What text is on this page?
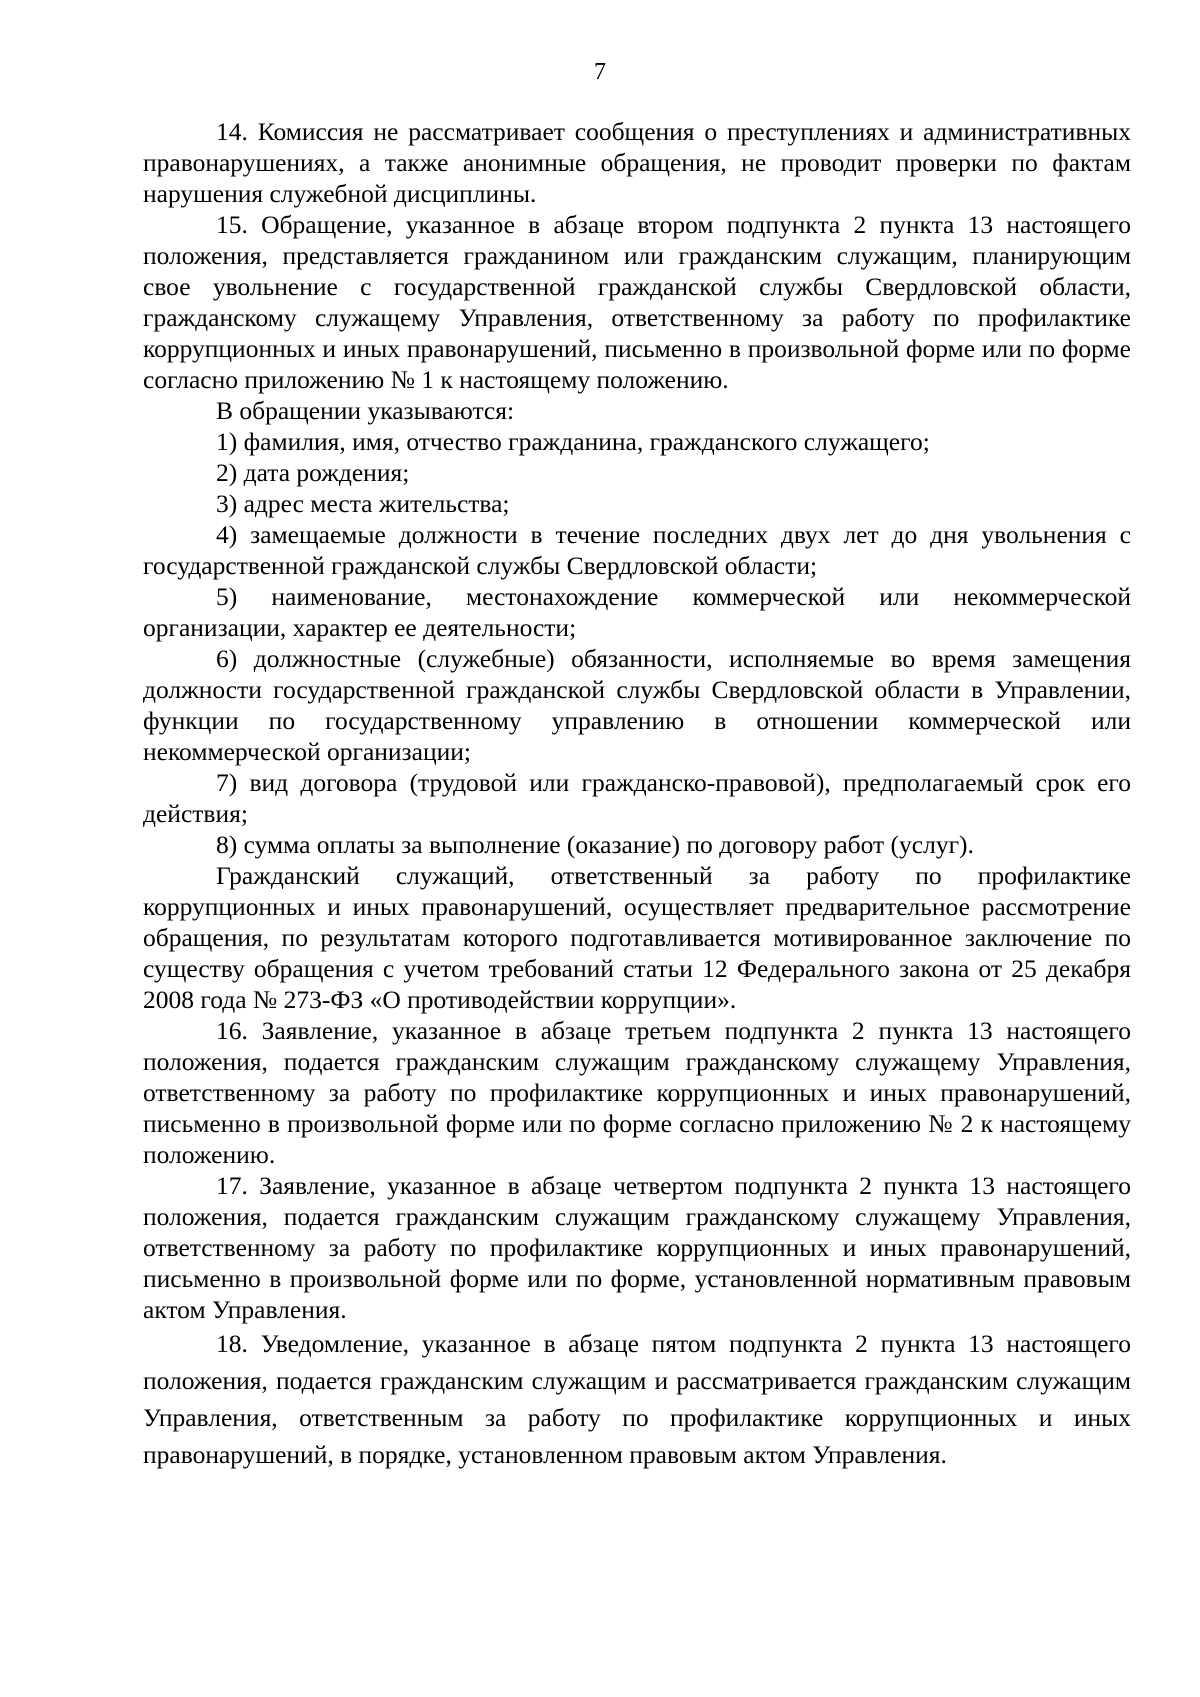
7

14. Комиссия не рассматривает сообщения о преступлениях и административных правонарушениях, а также анонимные обращения, не проводит проверки по фактам нарушения служебной дисциплины.

15. Обращение, указанное в абзаце втором подпункта 2 пункта 13 настоящего положения, представляется гражданином или гражданским служащим, планирующим свое увольнение с государственной гражданской службы Свердловской области, гражданскому служащему Управления, ответственному за работу по профилактике коррупционных и иных правонарушений, письменно в произвольной форме или по форме согласно приложению № 1 к настоящему положению.

В обращении указываются:

1) фамилия, имя, отчество гражданина, гражданского служащего;

2) дата рождения;

3) адрес места жительства;

4) замещаемые должности в течение последних двух лет до дня увольнения с государственной гражданской службы Свердловской области;

5) наименование, местонахождение коммерческой или некоммерческой организации, характер ее деятельности;

6) должностные (служебные) обязанности, исполняемые во время замещения должности государственной гражданской службы Свердловской области в Управлении, функции по государственному управлению в отношении коммерческой или некоммерческой организации;

7) вид договора (трудовой или гражданско-правовой), предполагаемый срок его действия;

8) сумма оплаты за выполнение (оказание) по договору работ (услуг).

Гражданский служащий, ответственный за работу по профилактике коррупционных и иных правонарушений, осуществляет предварительное рассмотрение обращения, по результатам которого подготавливается мотивированное заключение по существу обращения с учетом требований статьи 12 Федерального закона от 25 декабря 2008 года № 273-ФЗ «О противодействии коррупции».

16. Заявление, указанное в абзаце третьем подпункта 2 пункта 13 настоящего положения, подается гражданским служащим гражданскому служащему Управления, ответственному за работу по профилактике коррупционных и иных правонарушений, письменно в произвольной форме или по форме согласно приложению № 2 к настоящему положению.

17. Заявление, указанное в абзаце четвертом подпункта 2 пункта 13 настоящего положения, подается гражданским служащим гражданскому служащему Управления, ответственному за работу по профилактике коррупционных и иных правонарушений, письменно в произвольной форме или по форме, установленной нормативным правовым актом Управления.

18. Уведомление, указанное в абзаце пятом подпункта 2 пункта 13 настоящего положения, подается гражданским служащим и рассматривается гражданским служащим Управления, ответственным за работу по профилактике коррупционных и иных правонарушений, в порядке, установленном правовым актом Управления.
